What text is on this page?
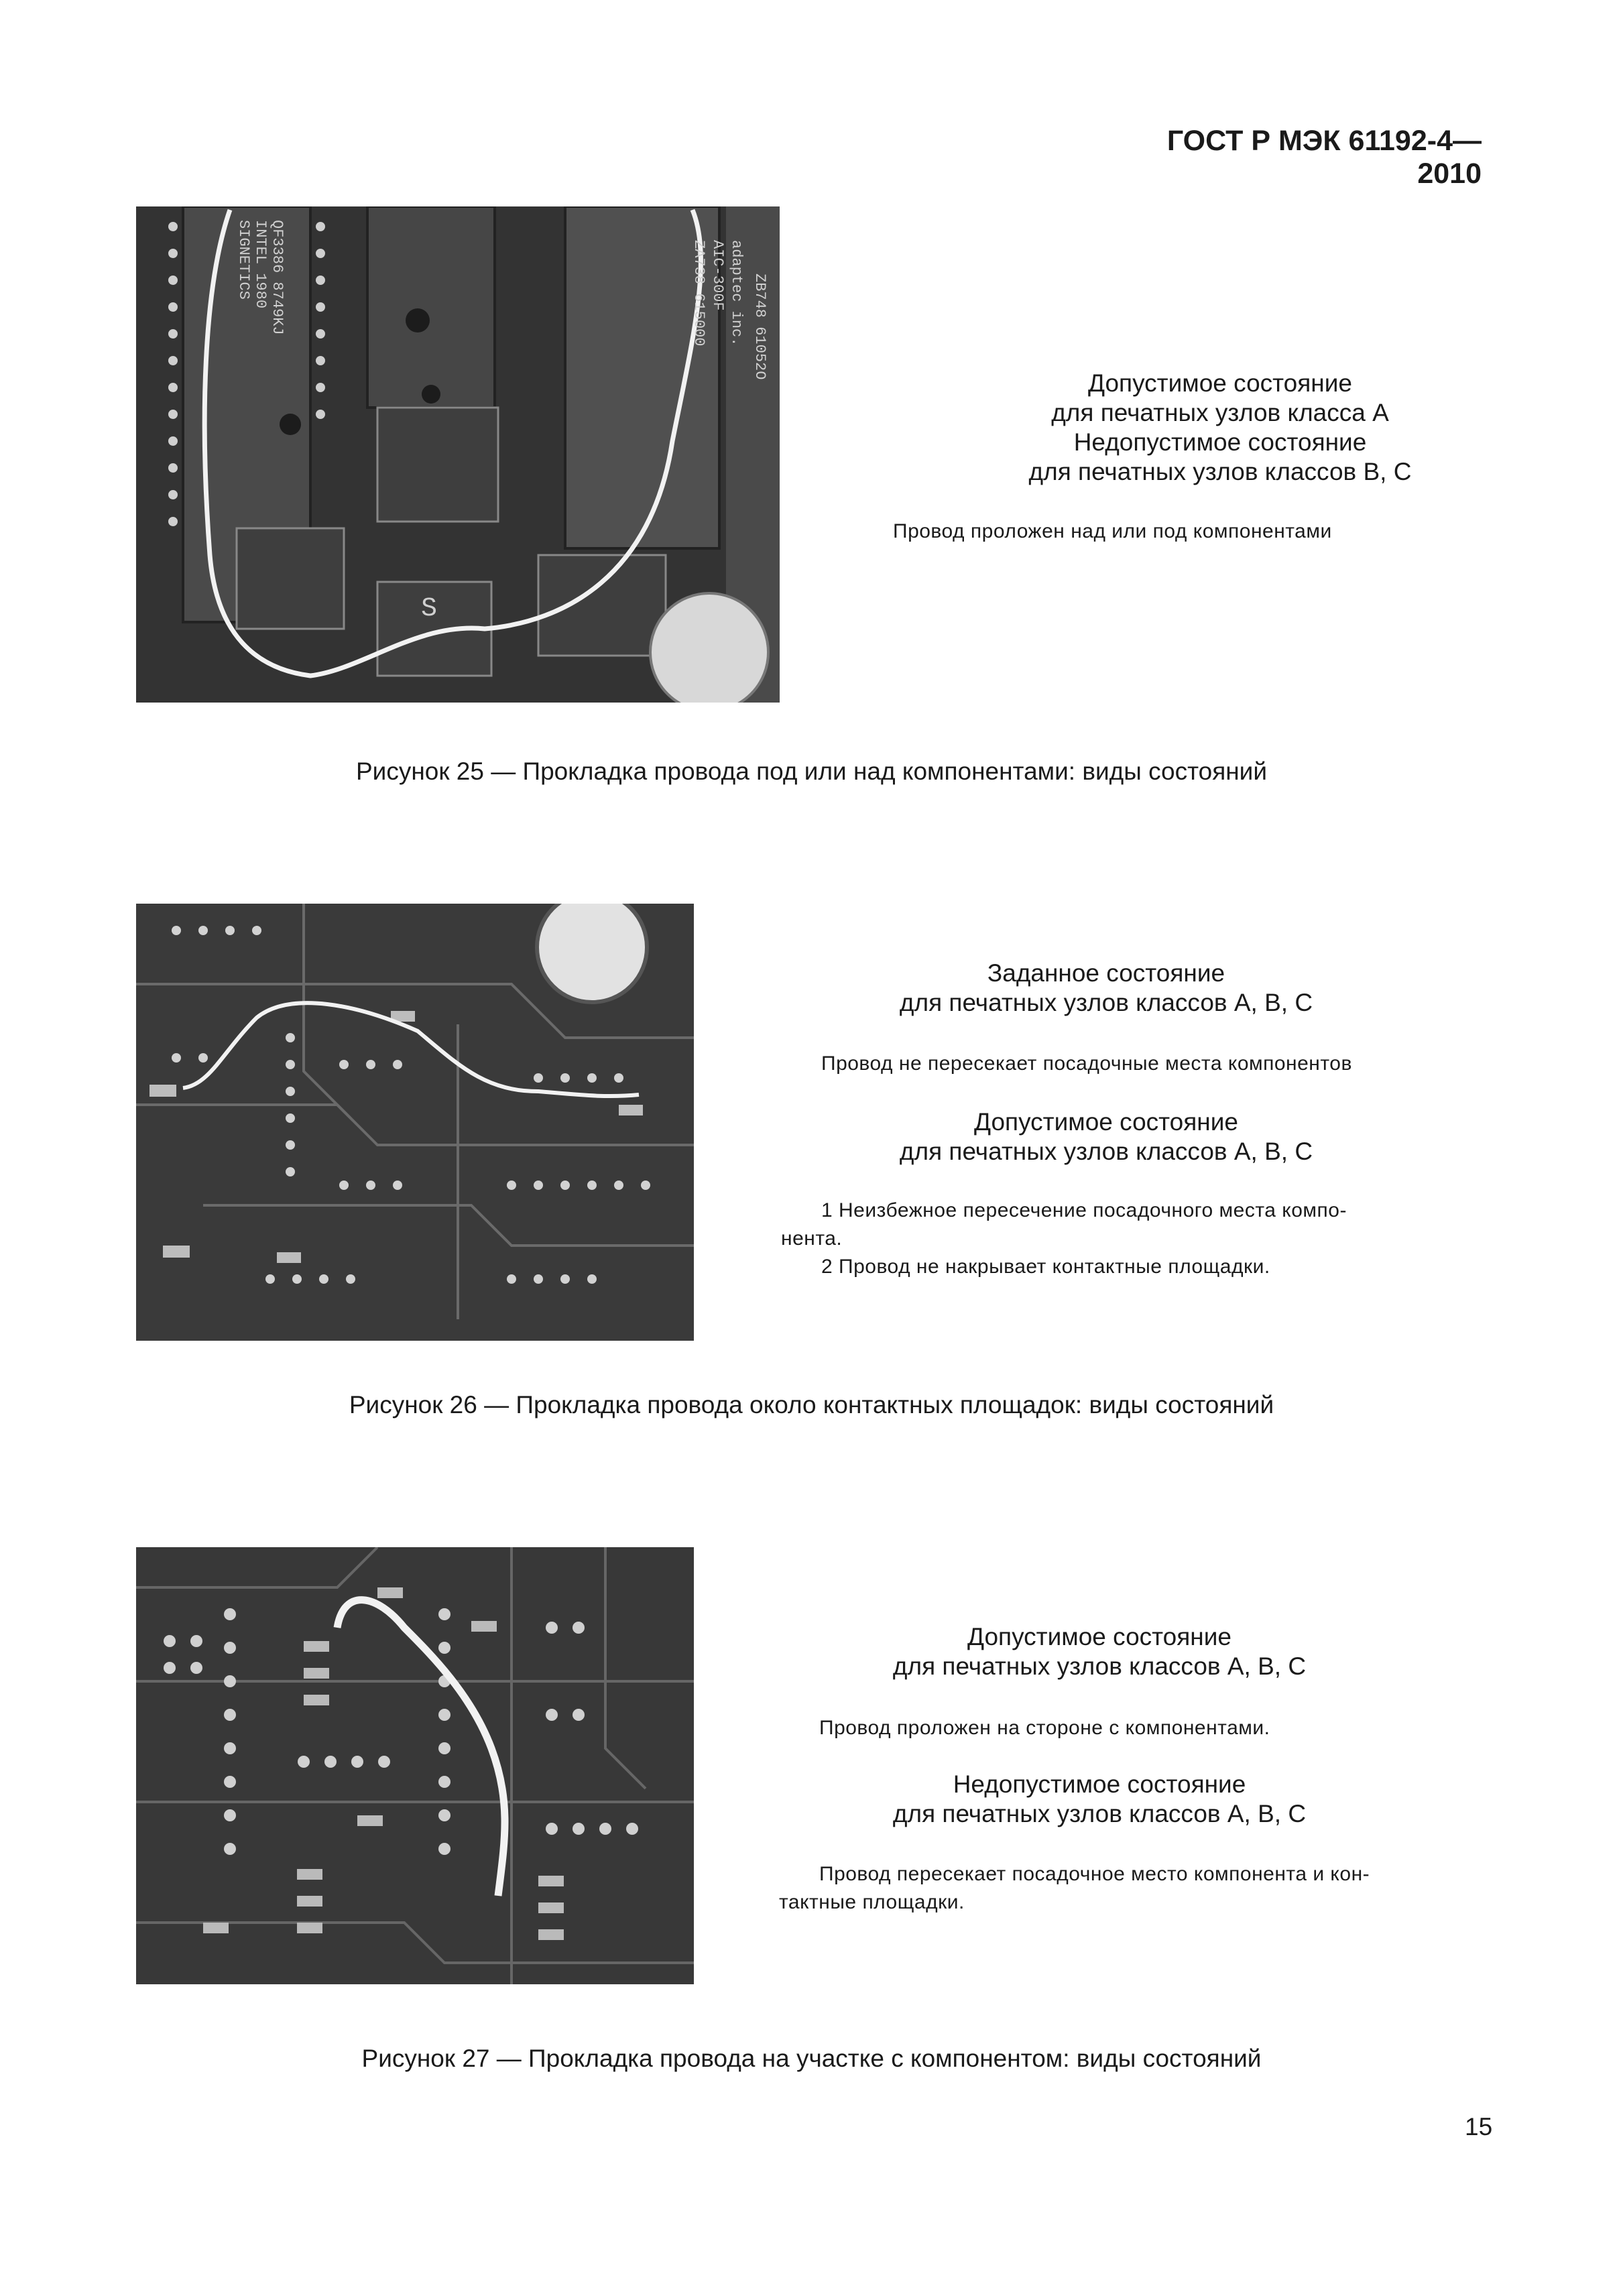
ГОСТ Р МЭК 61192-4— 2010
adaptec inc.
AIC-300F
ZA738 615000	ZB748 61052O
INTEL 1980
SIGNETICS QF3386 8749KJ
S
Допустимое состояние
для печатных узлов класса А
Недопустимое состояние
для печатных узлов классов В, С
Провод проложен над или под компонентами
Рисунок 25 — Прокладка провода под или над компонентами: виды состояний
Заданное состояние
для печатных узлов классов А, В, С
Провод не пересекает посадочные места компонентов
Допустимое состояние
для печатных узлов классов А, В, С
1 Неизбежное пересечение посадочного места компо-
нента.
2 Провод не накрывает контактные площадки.
Рисунок 26 — Прокладка провода около контактных площадок: виды состояний
Допустимое состояние
для печатных узлов классов А, В, С
Провод проложен на стороне с компонентами.
Недопустимое состояние
для печатных узлов классов А, В, С
Провод пересекает посадочное место компонента и кон-
тактные площадки.
Рисунок 27 — Прокладка провода на участке с компонентом: виды состояний
15
